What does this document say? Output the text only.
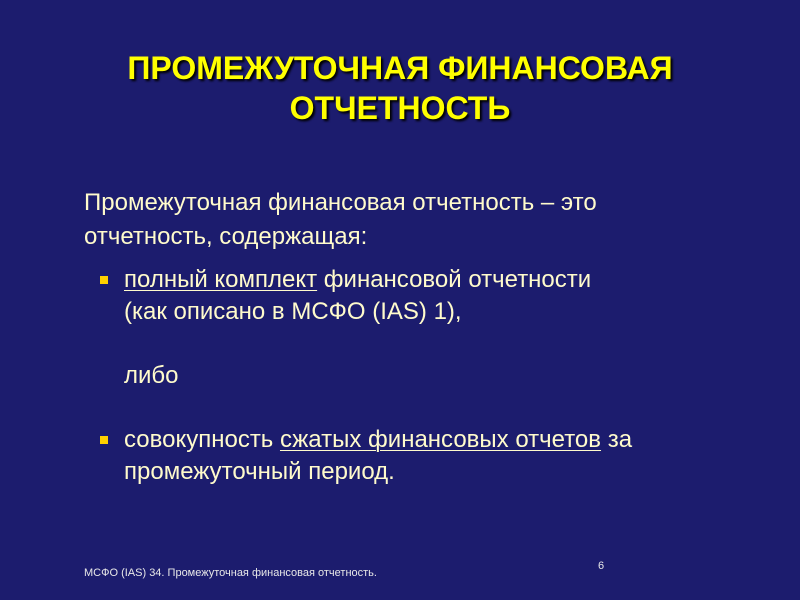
ПРОМЕЖУТОЧНАЯ ФИНАНСОВАЯ
ОТЧЕТНОСТЬ
Промежуточная финансовая отчетность – это
отчетность, содержащая:
полный комплект финансовой отчетности
(как описано в МСФО (IAS) 1),
либо
совокупность сжатых финансовых отчетов за
промежуточный период.
6
МСФО (IAS) 34. Промежуточная финансовая отчетность.
